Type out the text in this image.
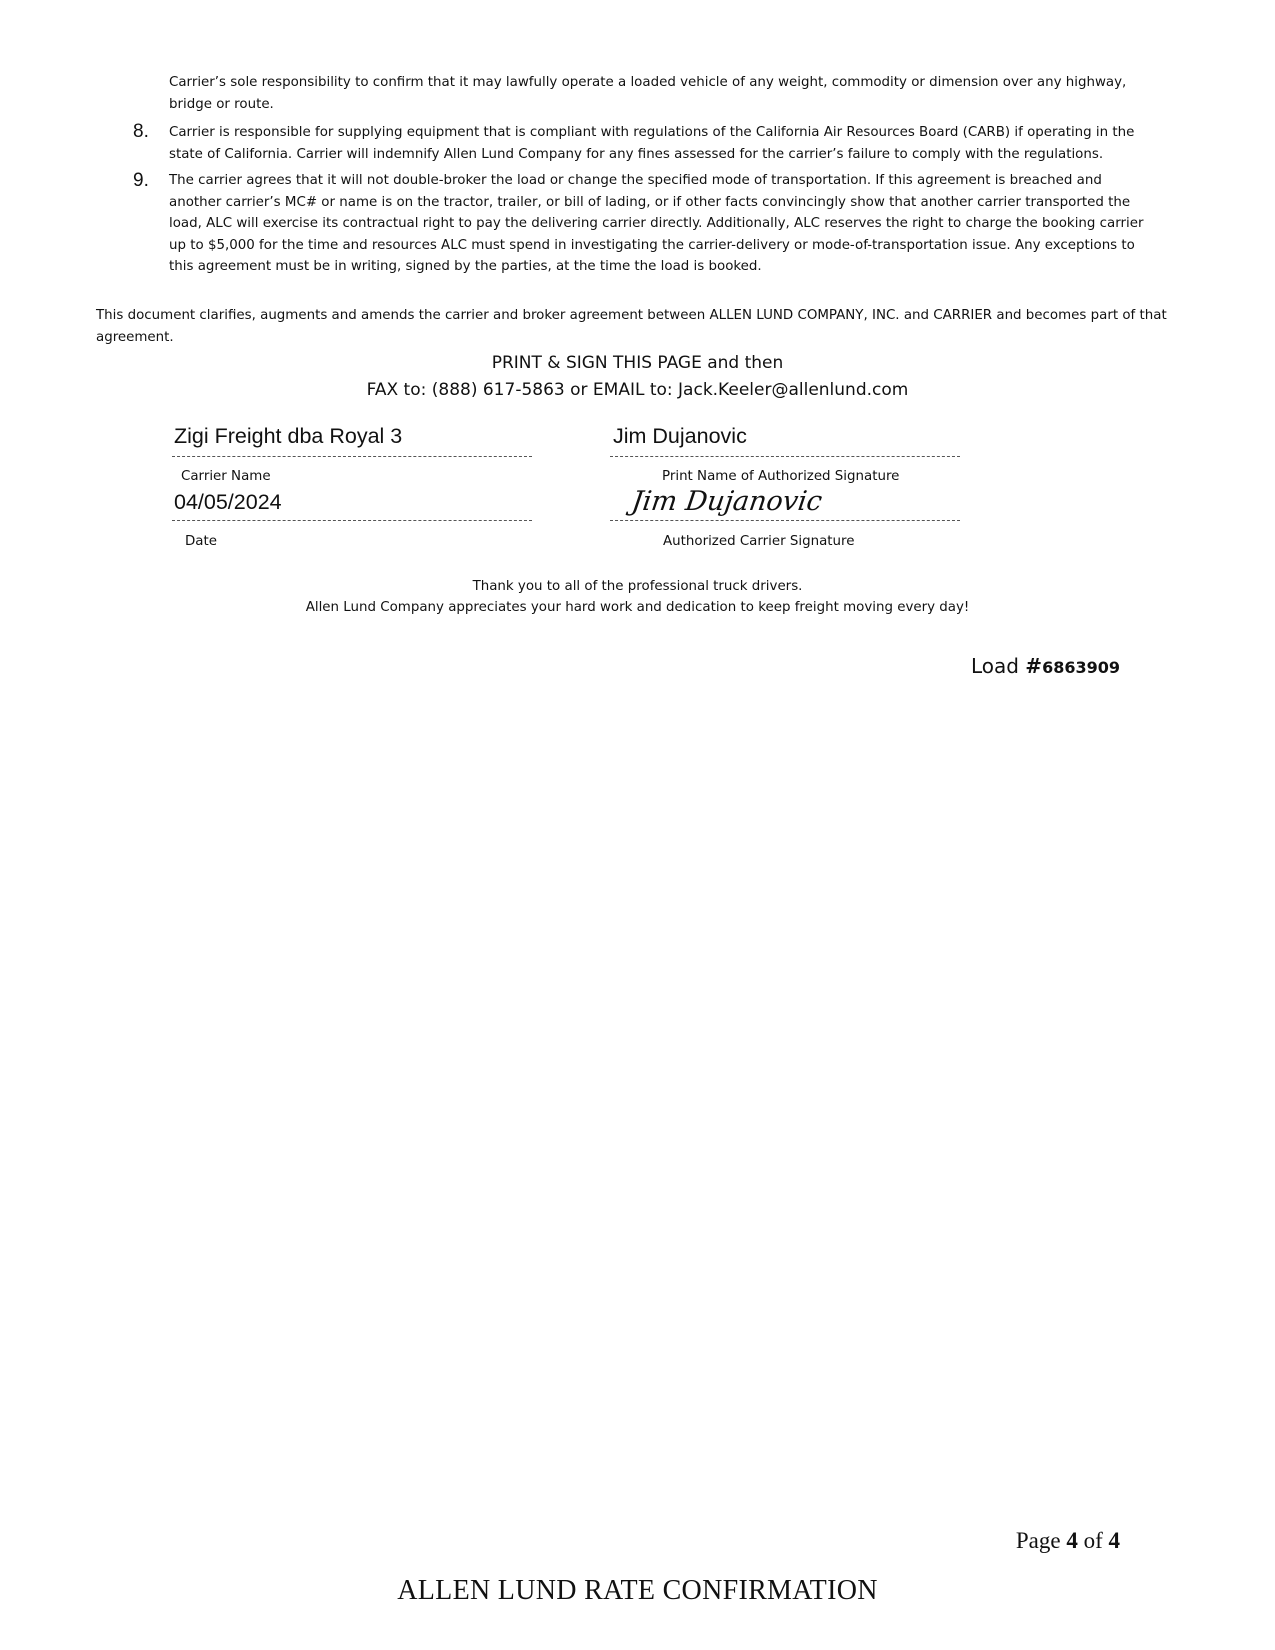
Carrier’s sole responsibility to confirm that it may lawfully operate a loaded vehicle of any weight, commodity or dimension over any highway, bridge or route.
8. Carrier is responsible for supplying equipment that is compliant with regulations of the California Air Resources Board (CARB) if operating in the state of California. Carrier will indemnify Allen Lund Company for any fines assessed for the carrier’s failure to comply with the regulations.
9. The carrier agrees that it will not double-broker the load or change the specified mode of transportation. If this agreement is breached and another carrier’s MC# or name is on the tractor, trailer, or bill of lading, or if other facts convincingly show that another carrier transported the load, ALC will exercise its contractual right to pay the delivering carrier directly. Additionally, ALC reserves the right to charge the booking carrier up to $5,000 for the time and resources ALC must spend in investigating the carrier-delivery or mode-of-transportation issue. Any exceptions to this agreement must be in writing, signed by the parties, at the time the load is booked.
This document clarifies, augments and amends the carrier and broker agreement between ALLEN LUND COMPANY, INC. and CARRIER and becomes part of that agreement.
PRINT & SIGN THIS PAGE and then
FAX to: (888) 617-5863 or EMAIL to: Jack.Keeler@allenlund.com
Zigi Freight dba Royal 3
Carrier Name
Jim Dujanovic
Print Name of Authorized Signature
04/05/2024
Date
Jim Dujanovic
Authorized Carrier Signature
Thank you to all of the professional truck drivers.
Allen Lund Company appreciates your hard work and dedication to keep freight moving every day!
Load #6863909
Page 4 of 4
ALLEN LUND RATE CONFIRMATION
